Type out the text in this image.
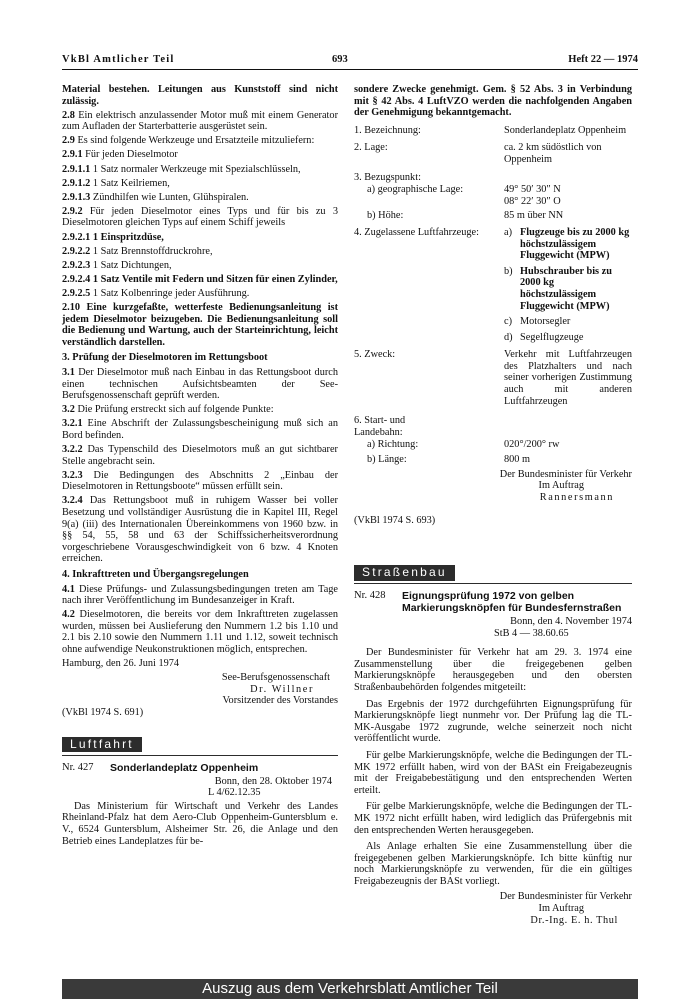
VkBl Amtlicher Teil	693	Heft 22 — 1974

Material bestehen. Leitungen aus Kunststoff sind nicht zulässig.

2.8 Ein elektrisch anzulassender Motor muß mit einem Generator zum Aufladen der Starterbatterie ausgerüstet sein.

2.9 Es sind folgende Werkzeuge und Ersatzteile mitzuliefern:

2.9.1 Für jeden Dieselmotor

2.9.1.1 1 Satz normaler Werkzeuge mit Spezialschlüsseln,

2.9.1.2 1 Satz Keilriemen,

2.9.1.3 Zündhilfen wie Lunten, Glühspiralen.

2.9.2 Für jeden Dieselmotor eines Typs und für bis zu 3 Dieselmotoren gleichen Typs auf einem Schiff jeweils

2.9.2.1 1 Einspritzdüse,

2.9.2.2 1 Satz Brennstoffdruckrohre,

2.9.2.3 1 Satz Dichtungen,

2.9.2.4 1 Satz Ventile mit Federn und Sitzen für einen Zylinder,

2.9.2.5 1 Satz Kolbenringe jeder Ausführung.

2.10 Eine kurzgefaßte, wetterfeste Bedienungsanleitung ist jedem Dieselmotor beizugeben. Die Bedienungsanleitung soll die Bedienung und Wartung, auch der Starteinrichtung, leicht verständlich darstellen.

3. Prüfung der Dieselmotoren im Rettungsboot

3.1 Der Dieselmotor muß nach Einbau in das Rettungsboot durch einen technischen Aufsichtsbeamten der See-Berufsgenossenschaft geprüft werden.

3.2 Die Prüfung erstreckt sich auf folgende Punkte:

3.2.1 Eine Abschrift der Zulassungsbescheinigung muß sich an Bord befinden.

3.2.2 Das Typenschild des Dieselmotors muß an gut sichtbarer Stelle angebracht sein.

3.2.3 Die Bedingungen des Abschnitts 2 „Einbau der Dieselmotoren in Rettungsboote“ müssen erfüllt sein.

3.2.4 Das Rettungsboot muß in ruhigem Wasser bei voller Besetzung und vollständiger Ausrüstung die in Kapitel III, Regel 9(a) (iii) des Internationalen Übereinkommens von 1960 bzw. in §§ 54, 55, 58 und 63 der Schiffssicherheitsverordnung vorgeschriebene Vorausgeschwindigkeit von 6 bzw. 4 Knoten erreichen.

4. Inkrafttreten und Übergangsregelungen

4.1 Diese Prüfungs- und Zulassungsbedingungen treten am Tage nach ihrer Veröffentlichung im Bundesanzeiger in Kraft.

4.2 Dieselmotoren, die bereits vor dem Inkrafttreten zugelassen wurden, müssen bei Auslieferung den Nummern 1.2 bis 1.10 und 2.1 bis 2.10 sowie den Nummern 1.11 und 1.12, soweit technisch ohne aufwendige Neukonstruktionen möglich, entsprechen.

Hamburg, den 26. Juni 1974

See-Berufsgenossenschaft

Dr. Willner

Vorsitzender des Vorstandes

(VkBl 1974 S. 691)

Luftfahrt
Nr. 427	Sonderlandeplatz Oppenheim

Bonn, den 28. Oktober 1974

L 4/62.12.35

Das Ministerium für Wirtschaft und Verkehr des Landes Rheinland-Pfalz hat dem Aero-Club Oppenheim-Guntersblum e. V., 6524 Guntersblum, Alsheimer Str. 26, die Anlage und den Betrieb eines Landeplatzes für be-

sondere Zwecke genehmigt. Gem. § 52 Abs. 3 in Verbindung mit § 42 Abs. 4 LuftVZO werden die nachfolgenden Angaben der Genehmigung bekanntgemacht.

1. Bezeichnung:	Sonderlandeplatz Oppenheim
2. Lage:	ca. 2 km südöstlich von Oppenheim
3. Bezugspunkt:
a) geographische Lage:	49° 50′ 30″ N
08° 22′ 30″ O
b) Höhe:	85 m über NN
4. Zugelassene Luftfahrzeuge:	a) Flugzeuge bis zu 2000 kg höchstzulässigem Fluggewicht (MPW)
b) Hubschrauber bis zu 2000 kg höchstzulässigem Fluggewicht (MPW)
c) Motorsegler
d) Segelflugzeuge
5. Zweck:	Verkehr mit Luftfahrzeugen des Platzhalters und nach seiner vorherigen Zustimmung auch mit anderen Luftfahrzeugen
6. Start- und Landebahn:
a) Richtung:	020°/200° rw
b) Länge:	800 m

Der Bundesminister für Verkehr

Im Auftrag

Rannersmann

(VkBl 1974 S. 693)

Straßenbau
Nr. 428	Eignungsprüfung 1972 von gelben Markierungsknöpfen für Bundesfernstraßen

Bonn, den 4. November 1974

StB 4 — 38.60.65

Der Bundesminister für Verkehr hat am 29. 3. 1974 eine Zusammenstellung über die freigegebenen gelben Markierungsknöpfe herausgegeben und den obersten Straßenbaubehörden folgendes mitgeteilt:

Das Ergebnis der 1972 durchgeführten Eignungsprüfung für Markierungsknöpfe liegt nunmehr vor. Der Prüfung lag die TL-MK-Ausgabe 1972 zugrunde, welche seinerzeit noch nicht veröffentlicht wurde.

Für gelbe Markierungsknöpfe, welche die Bedingungen der TL-MK 1972 erfüllt haben, wird von der BASt ein Freigabezeugnis mit der Freigabebestätigung und den entsprechenden Werten erteilt.

Für gelbe Markierungsknöpfe, welche die Bedingungen der TL-MK 1972 nicht erfüllt haben, wird lediglich das Prüfergebnis mit den entsprechenden Werten herausgegeben.

Als Anlage erhalten Sie eine Zusammenstellung über die freigegebenen gelben Markierungsknöpfe. Ich bitte künftig nur noch Markierungsknöpfe zu verwenden, für die ein gültiges Freigabezeugnis der BASt vorliegt.

Der Bundesminister für Verkehr

Im Auftrag

Dr.-Ing. E. h. Thul

Auszug aus dem Verkehrsblatt Amtlicher Teil
